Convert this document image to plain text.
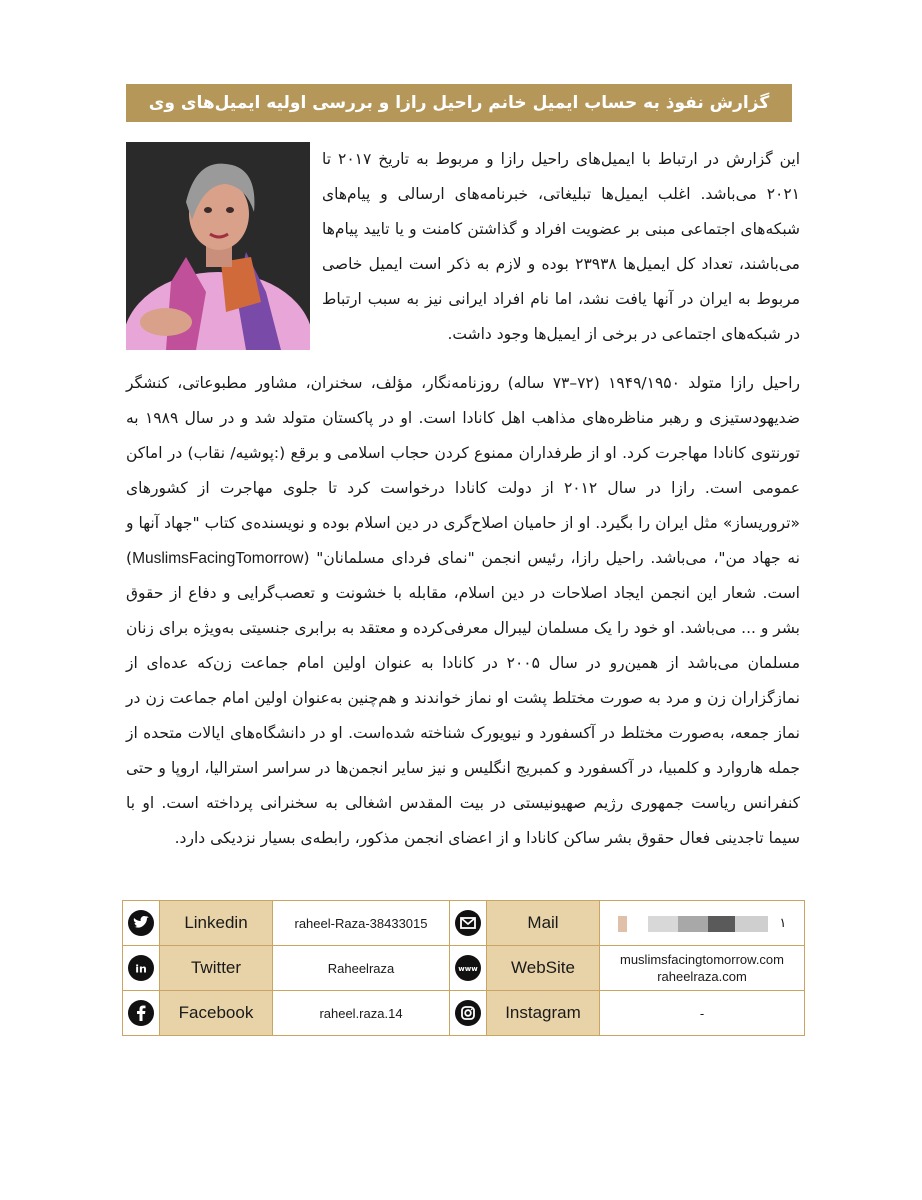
گزارش نفوذ به حساب ایمیل خانم راحیل رازا و بررسی اولیه ایمیل‌های وی
این گزارش در ارتباط با ایمیل‌های راحیل رازا و مربوط به تاریخ ۲۰۱۷ تا ۲۰۲۱ می‌باشد. اغلب ایمیل‌ها تبلیغاتی، خبرنامه‌های ارسالی و پیام‌های شبکه‌های اجتماعی مبنی بر عضویت افراد و گذاشتن کامنت و یا تایید پیام‌ها می‌باشند، تعداد کل ایمیل‌ها ۲۳۹۳۸ بوده و لازم به ذکر است ایمیل خاصی مربوط به ایران در آنها یافت نشد، اما نام افراد ایرانی نیز به سبب ارتباط در شبکه‌های اجتماعی در برخی از ایمیل‌ها وجود داشت.
راحیل رازا متولد ۱۹۴۹/۱۹۵۰ (۷۲–۷۳ ساله) روزنامه‌نگار، مؤلف، سخنران، مشاور مطبوعاتی، کنشگر ضدیهودستیزی و رهبر مناظره‌های مذاهب اهل کانادا است. او در پاکستان متولد شد و در سال ۱۹۸۹ به تورنتوی کانادا مهاجرت کرد. او از طرفداران ممنوع کردن حجاب اسلامی و برقع (:پوشیه/ نقاب) در اماکن عمومی است. رازا در سال ۲۰۱۲ از دولت کانادا درخواست کرد تا جلوی مهاجرت از کشورهای «تروریساز» مثل ایران را بگیرد. او از حامیان اصلاح‌گری در دین اسلام بوده و نویسنده‌ی کتاب "جهاد آنها و نه جهاد من"، می‌باشد. راحیل رازا، رئیس انجمن "نمای فردای مسلمانان" (MuslimsFacingTomorrow) است. شعار این انجمن ایجاد اصلاحات در دین اسلام، مقابله با خشونت و تعصب‌گرایی و دفاع از حقوق بشر و ... می‌باشد. او خود را یک مسلمان لیبرال معرفی‌کرده و معتقد به برابری جنسیتی به‌ویژه برای زنان مسلمان می‌باشد از همین‌رو در سال ۲۰۰۵ در کانادا به عنوان اولین امام جماعت زن‌که عده‌ای از نمازگزاران زن و مرد به صورت مختلط پشت او نماز خواندند و هم‌چنین به‌عنوان اولین امام جماعت زن در نماز جمعه، به‌صورت مختلط در آکسفورد و نیویورک شناخته شده‌است. او در دانشگاه‌های ایالات متحده از جمله هاروارد و کلمبیا، در آکسفورد و کمبریج انگلیس و نیز سایر انجمن‌ها در سراسر استرالیا، اروپا و حتی کنفرانس ریاست جمهوری رژیم صهیونیستی در بیت المقدس اشغالی به سخنرانی پرداخته است. او با سیما تاجدینی فعال حقوق بشر ساکن کانادا و از اعضای انجمن مذکور، رابطه‌ی بسیار نزدیکی دارد.
	Linkedin	raheel-Raza-38433015		Mail	۱

in	Twitter	Raheelraza	www	WebSite	muslimsfacingtomorrow.com
raheelraza.com

	Facebook	raheel.raza.14		Instagram	-
